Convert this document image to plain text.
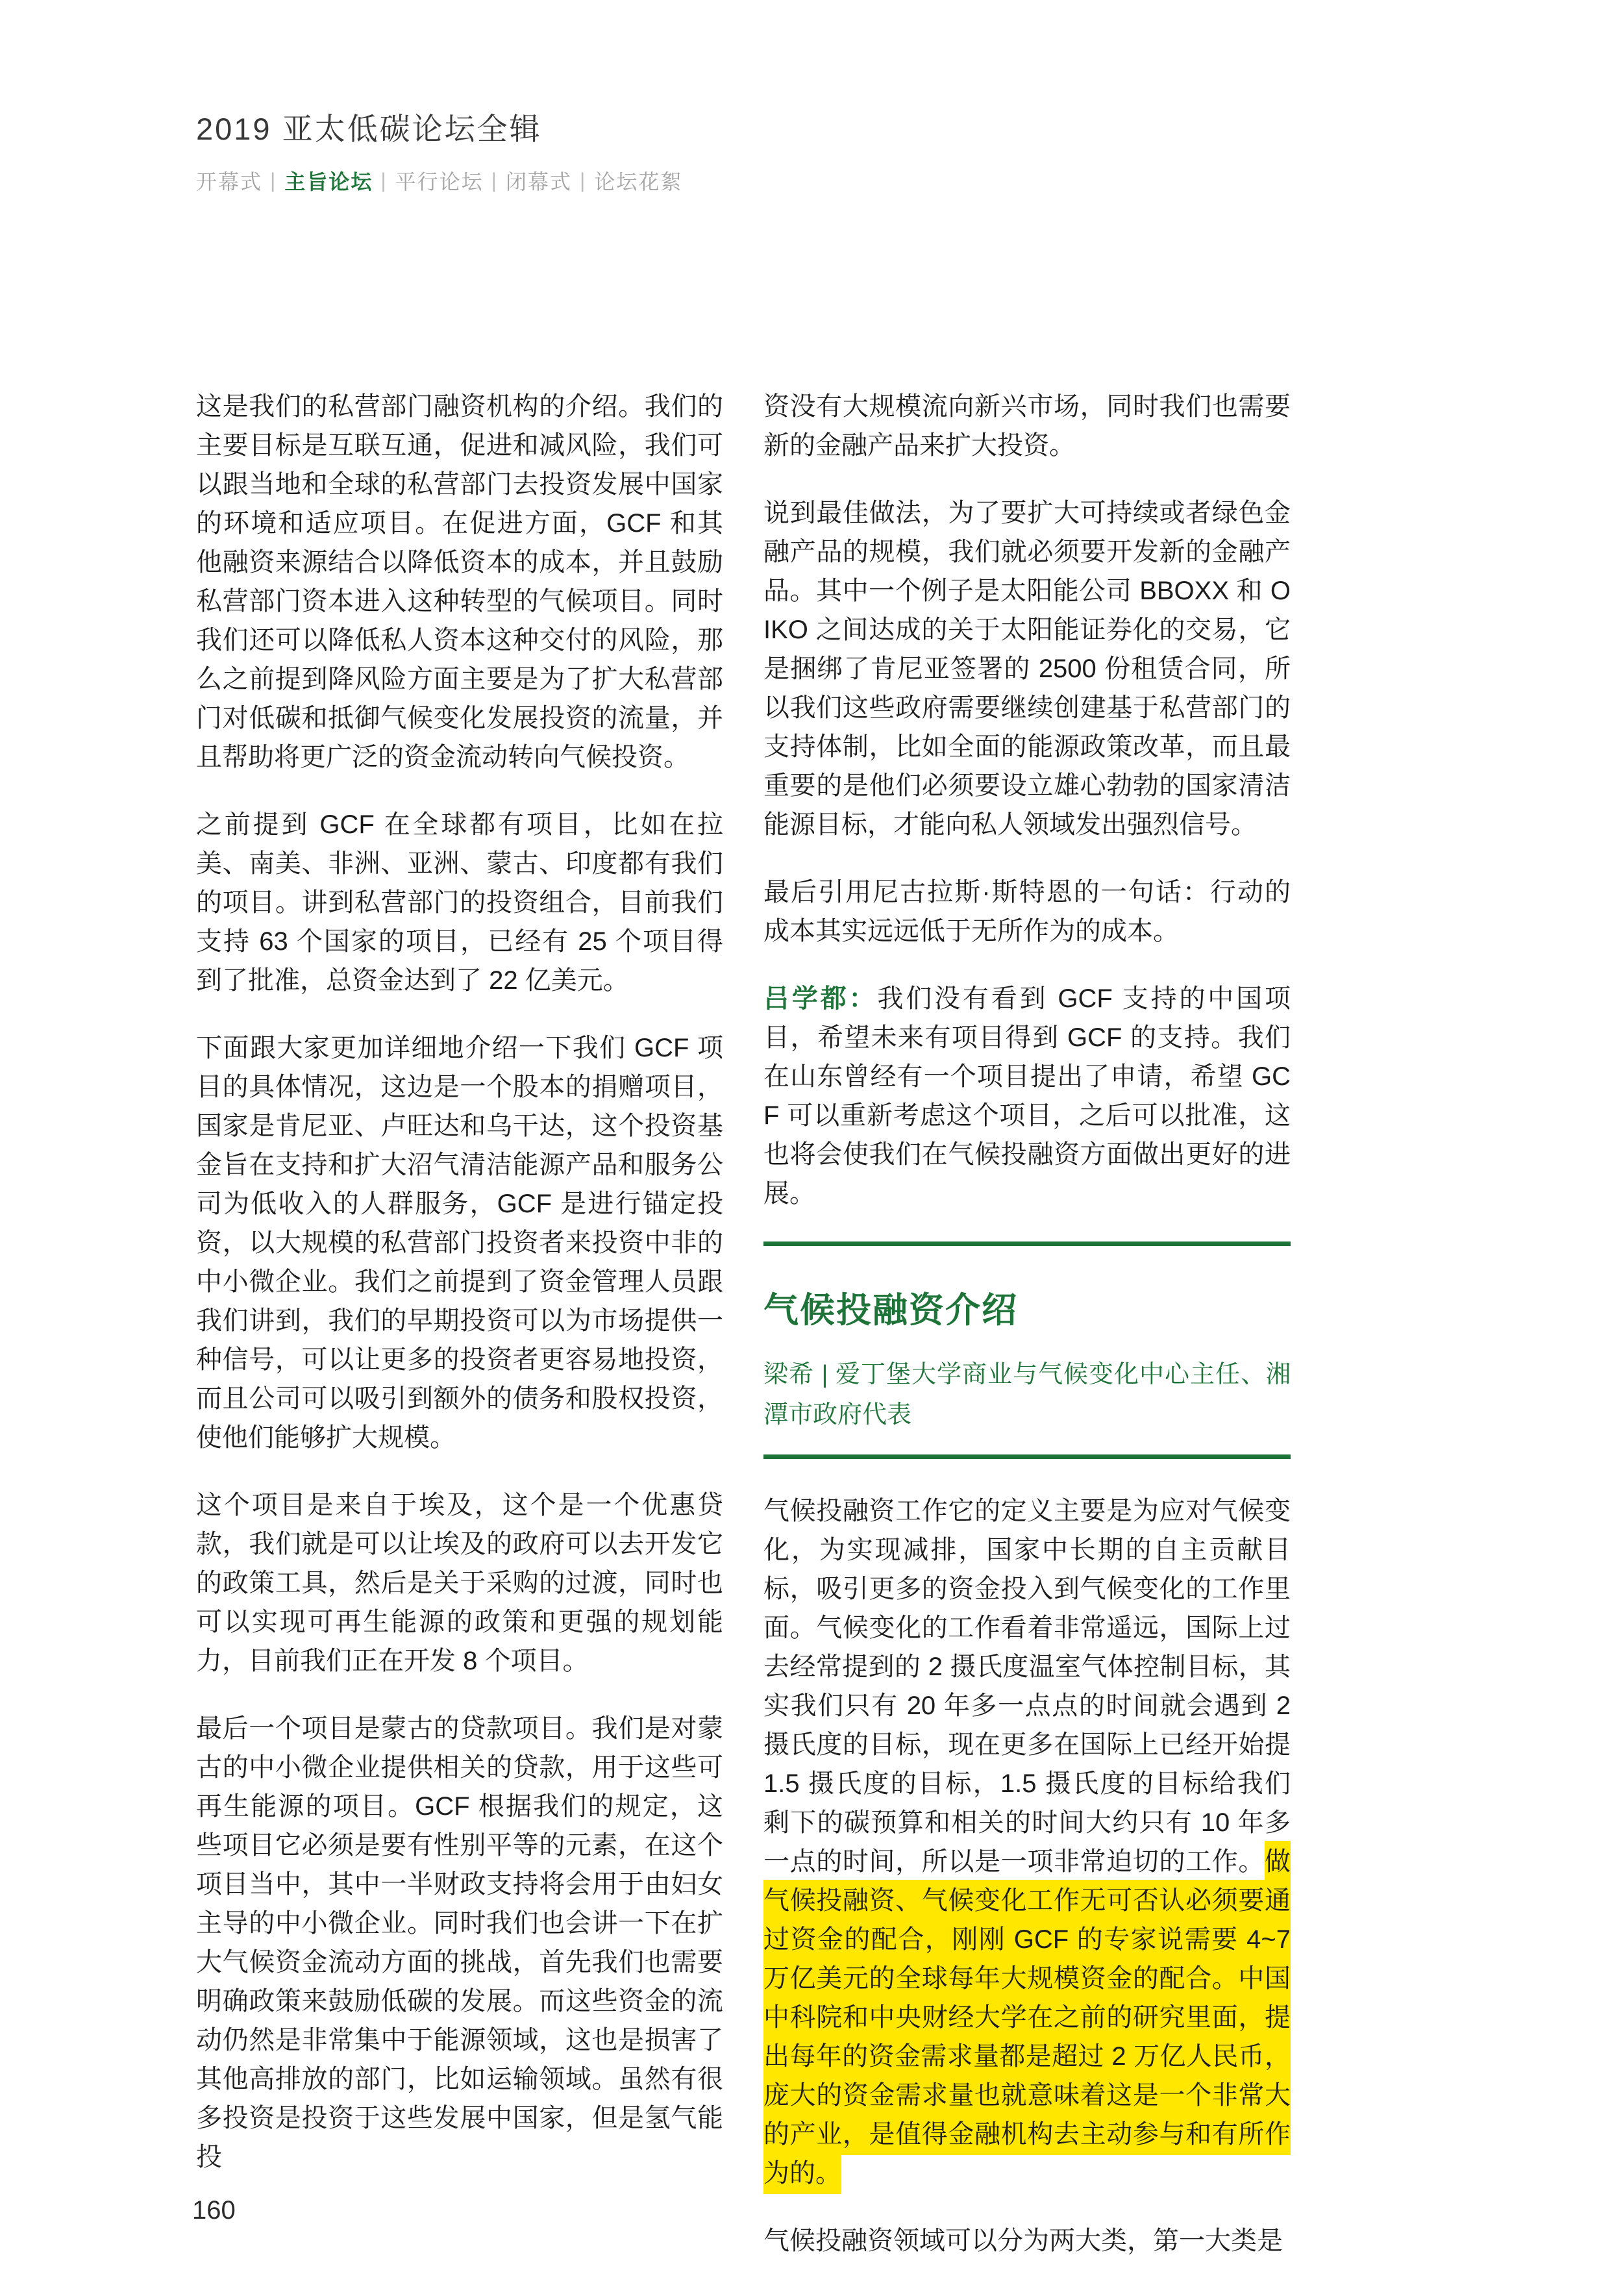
2019 亚太低碳论坛全辑
开幕式 | 主旨论坛 | 平行论坛 | 闭幕式 | 论坛花絮

这是我们的私营部门融资机构的介绍。我们的主要目标是互联互通，促进和减风险，我们可以跟当地和全球的私营部门去投资发展中国家的环境和适应项目。在促进方面，GCF 和其他融资来源结合以降低资本的成本，并且鼓励私营部门资本进入这种转型的气候项目。同时我们还可以降低私人资本这种交付的风险，那么之前提到降风险方面主要是为了扩大私营部门对低碳和抵御气候变化发展投资的流量，并且帮助将更广泛的资金流动转向气候投资。

之前提到 GCF 在全球都有项目，比如在拉美、南美、非洲、亚洲、蒙古、印度都有我们的项目。讲到私营部门的投资组合，目前我们支持 63 个国家的项目，已经有 25 个项目得到了批准，总资金达到了 22 亿美元。

下面跟大家更加详细地介绍一下我们 GCF 项目的具体情况，这边是一个股本的捐赠项目，国家是肯尼亚、卢旺达和乌干达，这个投资基金旨在支持和扩大沼气清洁能源产品和服务公司为低收入的人群服务，GCF 是进行锚定投资，以大规模的私营部门投资者来投资中非的中小微企业。我们之前提到了资金管理人员跟我们讲到，我们的早期投资可以为市场提供一种信号，可以让更多的投资者更容易地投资，而且公司可以吸引到额外的债务和股权投资，使他们能够扩大规模。

这个项目是来自于埃及，这个是一个优惠贷款，我们就是可以让埃及的政府可以去开发它的政策工具，然后是关于采购的过渡，同时也可以实现可再生能源的政策和更强的规划能力，目前我们正在开发 8 个项目。

最后一个项目是蒙古的贷款项目。我们是对蒙古的中小微企业提供相关的贷款，用于这些可再生能源的项目。GCF 根据我们的规定，这些项目它必须是要有性别平等的元素，在这个项目当中，其中一半财政支持将会用于由妇女主导的中小微企业。同时我们也会讲一下在扩大气候资金流动方面的挑战，首先我们也需要明确政策来鼓励低碳的发展。而这些资金的流动仍然是非常集中于能源领域，这也是损害了其他高排放的部门，比如运输领域。虽然有很多投资是投资于这些发展中国家，但是氢气能投

资没有大规模流向新兴市场，同时我们也需要新的金融产品来扩大投资。

说到最佳做法，为了要扩大可持续或者绿色金融产品的规模，我们就必须要开发新的金融产品。其中一个例子是太阳能公司 BBOXX 和 OIKO 之间达成的关于太阳能证券化的交易，它是捆绑了肯尼亚签署的 2500 份租赁合同，所以我们这些政府需要继续创建基于私营部门的支持体制，比如全面的能源政策改革，而且最重要的是他们必须要设立雄心勃勃的国家清洁能源目标，才能向私人领域发出强烈信号。

最后引用尼古拉斯·斯特恩的一句话：行动的成本其实远远低于无所作为的成本。

吕学都：我们没有看到 GCF 支持的中国项目，希望未来有项目得到 GCF 的支持。我们在山东曾经有一个项目提出了申请，希望 GCF 可以重新考虑这个项目，之后可以批准，这也将会使我们在气候投融资方面做出更好的进展。

气候投融资介绍

梁希 | 爱丁堡大学商业与气候变化中心主任、湘潭市政府代表

气候投融资工作它的定义主要是为应对气候变化，为实现减排，国家中长期的自主贡献目标，吸引更多的资金投入到气候变化的工作里面。气候变化的工作看着非常遥远，国际上过去经常提到的 2 摄氏度温室气体控制目标，其实我们只有 20 年多一点点的时间就会遇到 2 摄氏度的目标，现在更多在国际上已经开始提 1.5 摄氏度的目标，1.5 摄氏度的目标给我们剩下的碳预算和相关的时间大约只有 10 年多一点的时间，所以是一项非常迫切的工作。做气候投融资、气候变化工作无可否认必须要通过资金的配合，刚刚 GCF 的专家说需要 4~7 万亿美元的全球每年大规模资金的配合。中国中科院和中央财经大学在之前的研究里面，提出每年的资金需求量都是超过 2 万亿人民币，庞大的资金需求量也就意味着这是一个非常大的产业，是值得金融机构去主动参与和有所作为的。

气候投融资领域可以分为两大类，第一大类是

160
